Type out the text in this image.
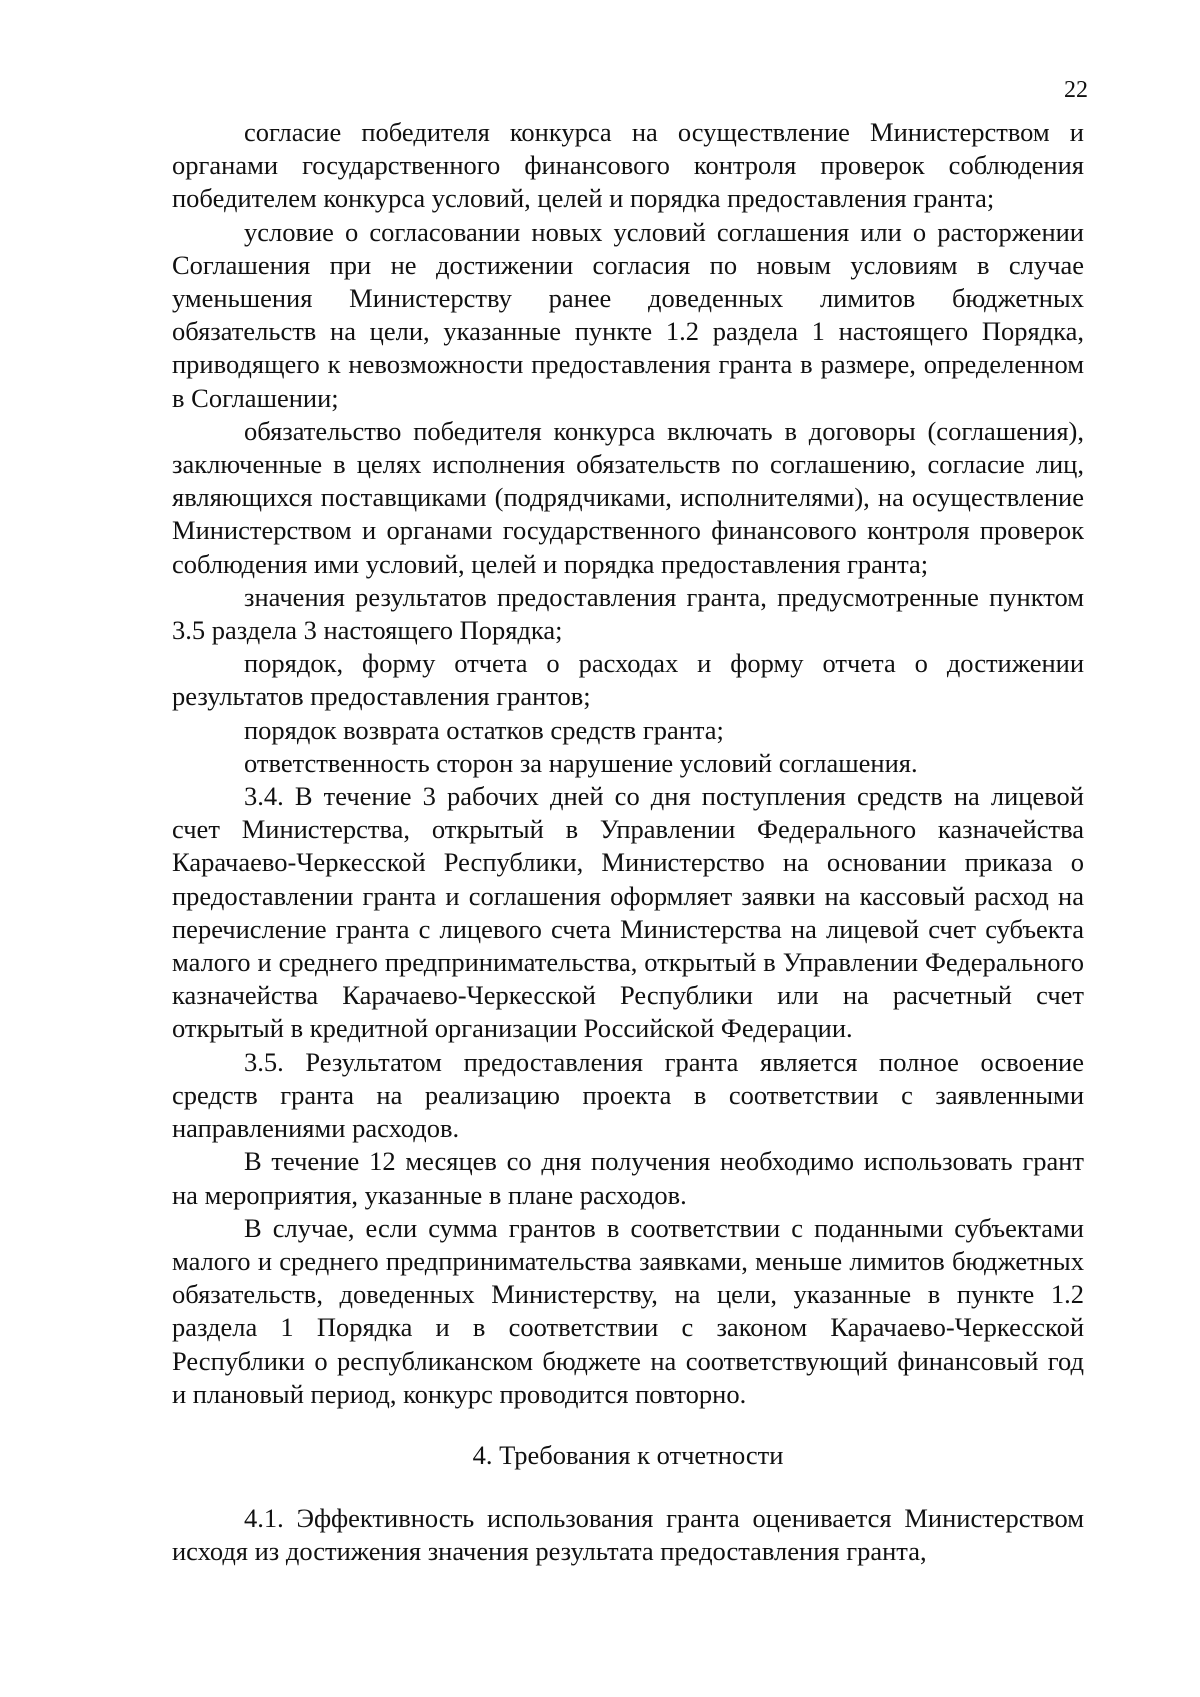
22

согласие победителя конкурса на осуществление Министерством и органами государственного финансового контроля проверок соблюдения победителем конкурса условий, целей и порядка предоставления гранта;

условие о согласовании новых условий соглашения или о расторжении Соглашения при не достижении согласия по новым условиям в случае уменьшения Министерству ранее доведенных лимитов бюджетных обязательств на цели, указанные пункте 1.2 раздела 1 настоящего Порядка, приводящего к невозможности предоставления гранта в размере, определенном в Соглашении;

обязательство победителя конкурса включать в договоры (соглашения), заключенные в целях исполнения обязательств по соглашению, согласие лиц, являющихся поставщиками (подрядчиками, исполнителями), на осуществление Министерством и органами государственного финансового контроля проверок соблюдения ими условий, целей и порядка предоставления гранта;

значения результатов предоставления гранта, предусмотренные пунктом 3.5 раздела 3 настоящего Порядка;

порядок, форму отчета о расходах и форму отчета о достижении результатов предоставления грантов;

порядок возврата остатков средств гранта;

ответственность сторон за нарушение условий соглашения.

3.4. В течение 3 рабочих дней со дня поступления средств на лицевой счет Министерства, открытый в Управлении Федерального казначейства Карачаево-Черкесской Республики, Министерство на основании приказа о предоставлении гранта и соглашения оформляет заявки на кассовый расход на перечисление гранта с лицевого счета Министерства на лицевой счет субъекта малого и среднего предпринимательства, открытый в Управлении Федерального казначейства Карачаево-Черкесской Республики или на расчетный счет открытый в кредитной организации Российской Федерации.

3.5. Результатом предоставления гранта является полное освоение средств гранта на реализацию проекта в соответствии с заявленными направлениями расходов.

В течение 12 месяцев со дня получения необходимо использовать грант на мероприятия, указанные в плане расходов.

В случае, если сумма грантов в соответствии с поданными субъектами малого и среднего предпринимательства заявками, меньше лимитов бюджетных обязательств, доведенных Министерству, на цели, указанные в пункте 1.2 раздела 1 Порядка и в соответствии с законом Карачаево-Черкесской Республики о республиканском бюджете на соответствующий финансовый год и плановый период, конкурс проводится повторно.

4. Требования к отчетности

4.1. Эффективность использования гранта оценивается Министерством исходя из достижения значения результата предоставления гранта,
